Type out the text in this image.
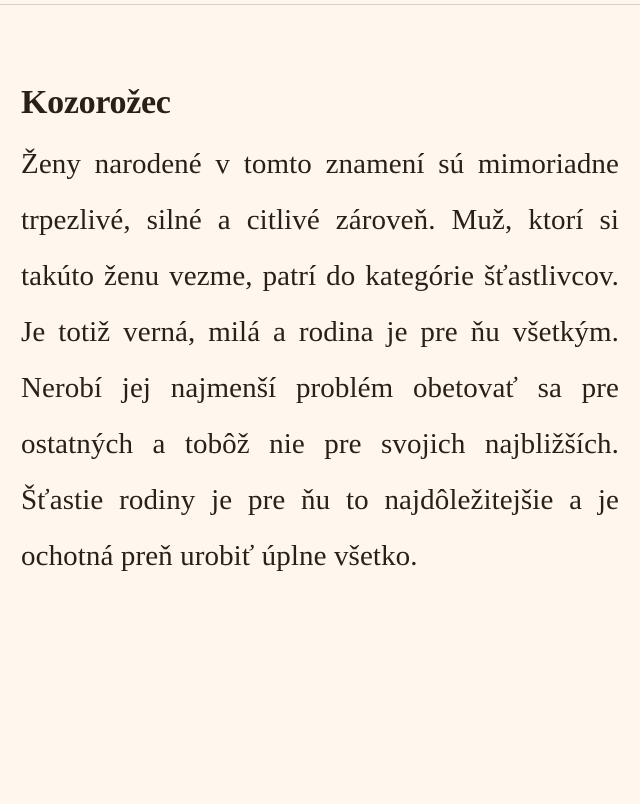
Kozorožec

Ženy narodené v tomto znamení sú mimoriadne trpezlivé, silné a citlivé zároveň. Muž, ktorí si takúto ženu vezme, patrí do kategórie šťastlivcov. Je totiž verná, milá a rodina je pre ňu všetkým. Nerobí jej najmenší problém obetovať sa pre ostatných a tobôž nie pre svojich najbližších. Šťastie rodiny je pre ňu to najdôležitejšie a je ochotná preň urobiť úplne všetko.
